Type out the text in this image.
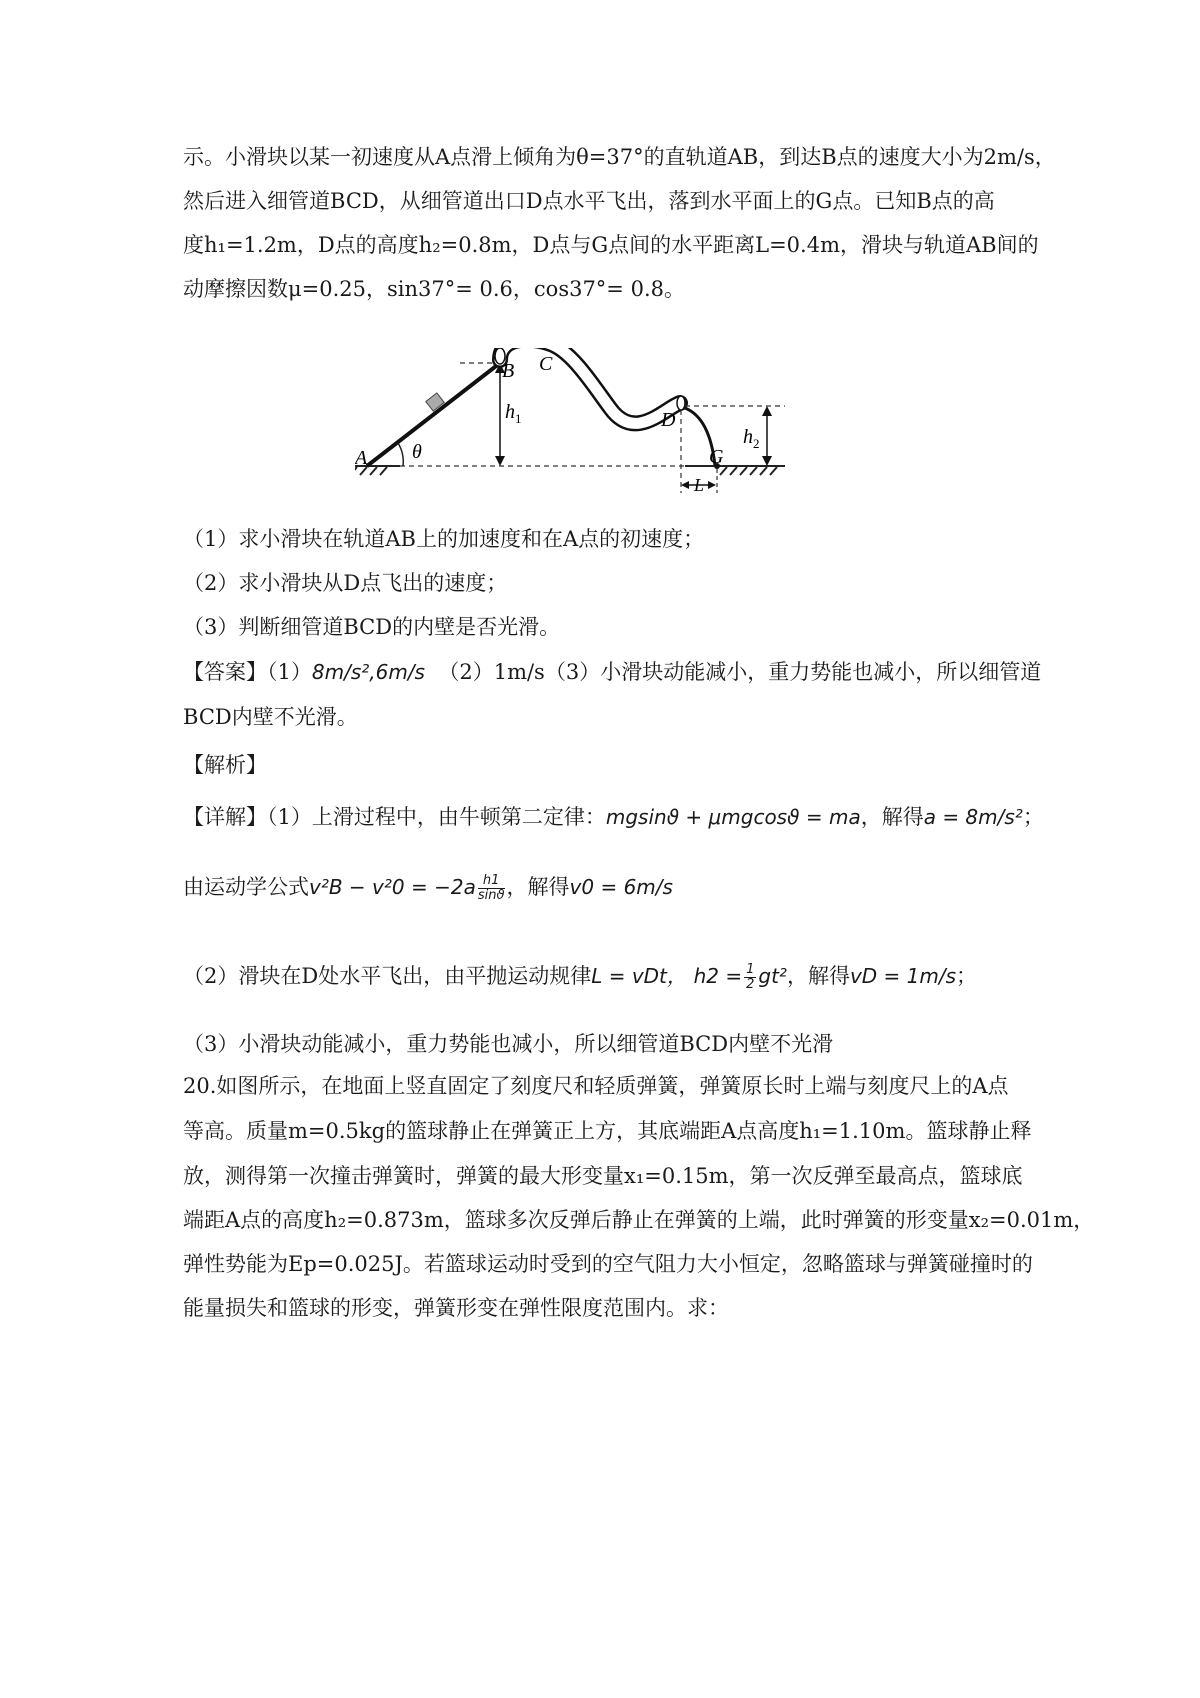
示。小滑块以某一初速度从A点滑上倾角为θ=37°的直轨道AB，到达B点的速度大小为2m/s，
然后进入细管道BCD，从细管道出口D点水平飞出，落到水平面上的G点。已知B点的高
度h₁=1.2m，D点的高度h₂=0.8m，D点与G点间的水平距离L=0.4m，滑块与轨道AB间的
动摩擦因数μ=0.25，sin37°= 0.6，cos37°= 0.8。
A
B C
D
G
θ
$h_1$
$h_2$
L
（1）求小滑块在轨道AB上的加速度和在A点的初速度；
（2）求小滑块从D点飞出的速度；
（3）判断细管道BCD的内壁是否光滑。
【答案】（1）8m/s²,6m/s （2）1m/s（3）小滑块动能减小，重力势能也减小，所以细管道
BCD内壁不光滑。
【解析】
【详解】（1）上滑过程中，由牛顿第二定律：mgsinϑ + μmgcosϑ = ma，解得a = 8m/s²；
由运动学公式$v^2B - v^20 = -2a \frac{h1}{\sin ϑ}$ ，解得v0 = 6m/s
（2）滑块在D处水平飞出，由平抛运动规律L = vDt， $h2 = \frac{1}{2} gt^2$，解得vD = 1m/s；
（3）小滑块动能减小，重力势能也减小，所以细管道BCD内壁不光滑
20.如图所示，在地面上竖直固定了刻度尺和轻质弹簧，弹簧原长时上端与刻度尺上的A点
等高。质量m=0.5kg的篮球静止在弹簧正上方，其底端距A点高度h₁=1.10m。篮球静止释
放，测得第一次撞击弹簧时，弹簧的最大形变量x₁=0.15m，第一次反弹至最高点，篮球底
端距A点的高度h₂=0.873m，篮球多次反弹后静止在弹簧的上端，此时弹簧的形变量x₂=0.01m，
弹性势能为Ep=0.025J。若篮球运动时受到的空气阻力大小恒定，忽略篮球与弹簧碰撞时的
能量损失和篮球的形变，弹簧形变在弹性限度范围内。求：
